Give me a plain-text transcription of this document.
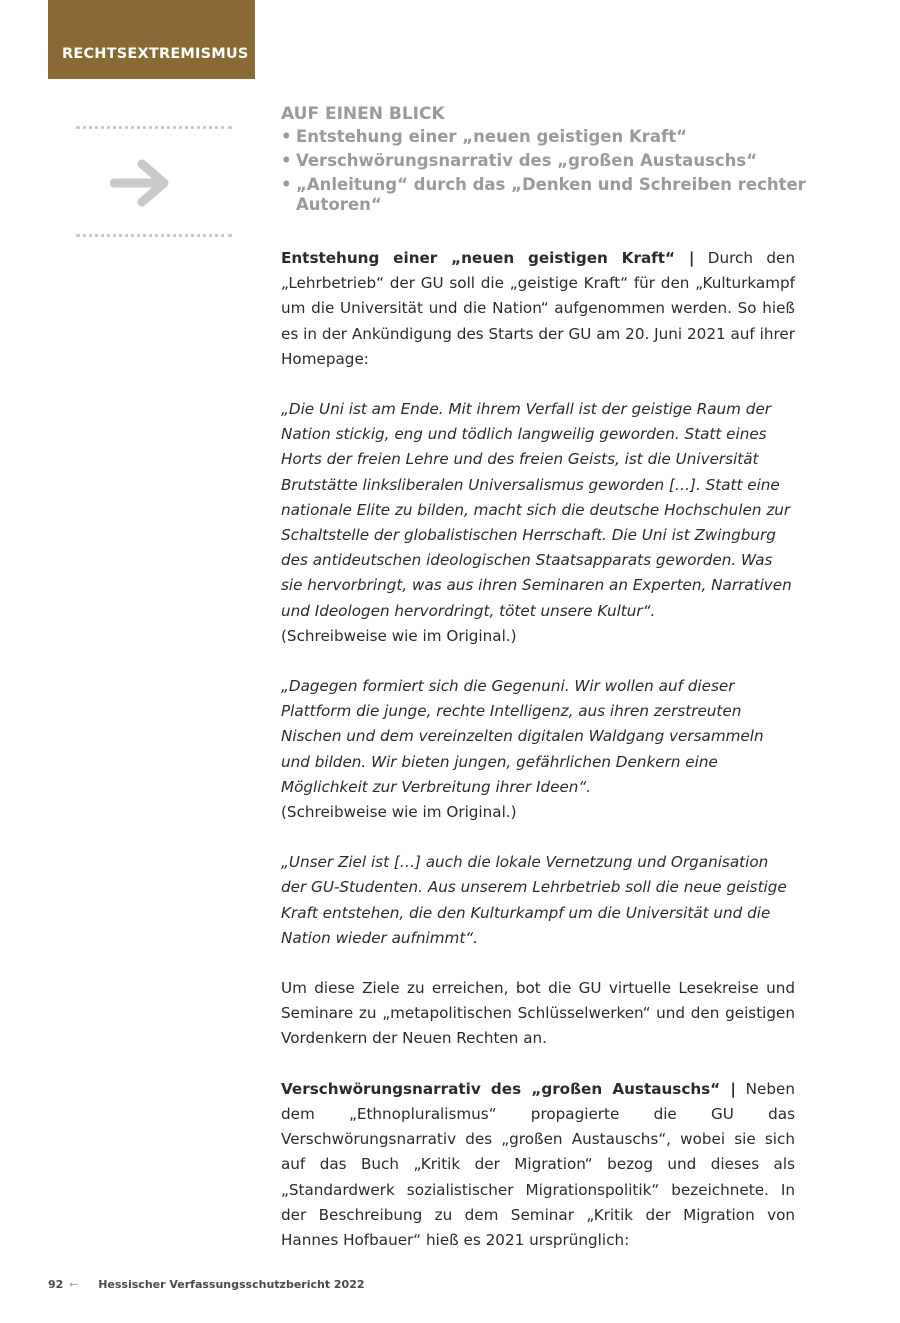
RECHTSEXTREMISMUS
AUF EINEN BLICK
• Entstehung einer „neuen geistigen Kraft“
• Verschwörungsnarrativ des „großen Austauschs“
• „Anleitung“ durch das „Denken und Schreiben rechter Autoren“

Entstehung einer „neuen geistigen Kraft“ | Durch den „Lehrbetrieb“ der GU soll die „geistige Kraft“ für den „Kulturkampf um die Universität und die Nation“ aufgenommen werden. So hieß es in der Ankündigung des Starts der GU am 20. Juni 2021 auf ihrer Homepage:

„Die Uni ist am Ende. Mit ihrem Verfall ist der geistige Raum der Nation stickig, eng und tödlich langweilig geworden. Statt eines Horts der freien Lehre und des freien Geists, ist die Universität Brutstätte linksliberalen Universalismus geworden […]. Statt eine nationale Elite zu bilden, macht sich die deutsche Hochschulen zur Schaltstelle der globalistischen Herrschaft. Die Uni ist Zwingburg des antideutschen ideologischen Staatsapparats geworden. Was sie hervorbringt, was aus ihren Seminaren an Experten, Narrativen und Ideologen hervordringt, tötet unsere Kultur“.

(Schreibweise wie im Original.)

„Dagegen formiert sich die Gegenuni. Wir wollen auf dieser Plattform die junge, rechte Intelligenz, aus ihren zerstreuten Nischen und dem vereinzelten digitalen Waldgang versammeln und bilden. Wir bieten jungen, gefährlichen Denkern eine Möglichkeit zur Verbreitung ihrer Ideen“.

(Schreibweise wie im Original.)

„Unser Ziel ist […] auch die lokale Vernetzung und Organisation der GU-Studenten. Aus unserem Lehrbetrieb soll die neue geistige Kraft entstehen, die den Kulturkampf um die Universität und die Nation wieder aufnimmt“.

Um diese Ziele zu erreichen, bot die GU virtuelle Lesekreise und Seminare zu „metapolitischen Schlüsselwerken“ und den geistigen Vordenkern der Neuen Rechten an.

Verschwörungsnarrativ des „großen Austauschs“ | Neben dem „Ethnopluralismus“ propagierte die GU das Verschwörungsnarrativ des „großen Austauschs“, wobei sie sich auf das Buch „Kritik der Migration“ bezog und dieses als „Standardwerk sozialistischer Migrationspolitik“ bezeichnete. In der Beschreibung zu dem Seminar „Kritik der Migration von Hannes Hofbauer“ hieß es 2021 ursprünglich:

92 ← Hessischer Verfassungsschutzbericht 2022
